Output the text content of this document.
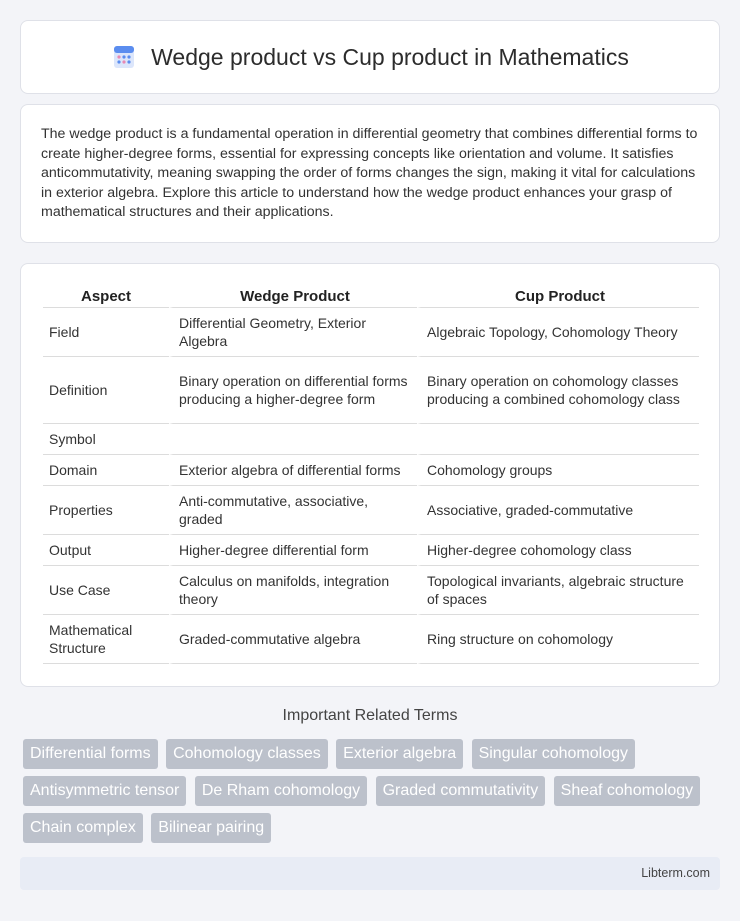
Wedge product vs Cup product in Mathematics

The wedge product is a fundamental operation in differential geometry that combines differential forms to create higher-degree forms, essential for expressing concepts like orientation and volume. It satisfies anticommutativity, meaning swapping the order of forms changes the sign, making it vital for calculations in exterior algebra. Explore this article to understand how the wedge product enhances your grasp of mathematical structures and their applications.

Aspect	Wedge Product	Cup Product
Field	Differential Geometry, Exterior Algebra	Algebraic Topology, Cohomology Theory
Definition	Binary operation on differential forms producing a higher-degree form	Binary operation on cohomology classes producing a combined cohomology class
Symbol		
Domain	Exterior algebra of differential forms	Cohomology groups
Properties	Anti-commutative, associative, graded	Associative, graded-commutative
Output	Higher-degree differential form	Higher-degree cohomology class
Use Case	Calculus on manifolds, integration theory	Topological invariants, algebraic structure of spaces
Mathematical Structure	Graded-commutative algebra	Ring structure on cohomology
Important Related Terms
Differential forms Cohomology classes Exterior algebra Singular cohomology Antisymmetric tensor De Rham cohomology Graded commutativity Sheaf cohomology Chain complex Bilinear pairing
Libterm.com
